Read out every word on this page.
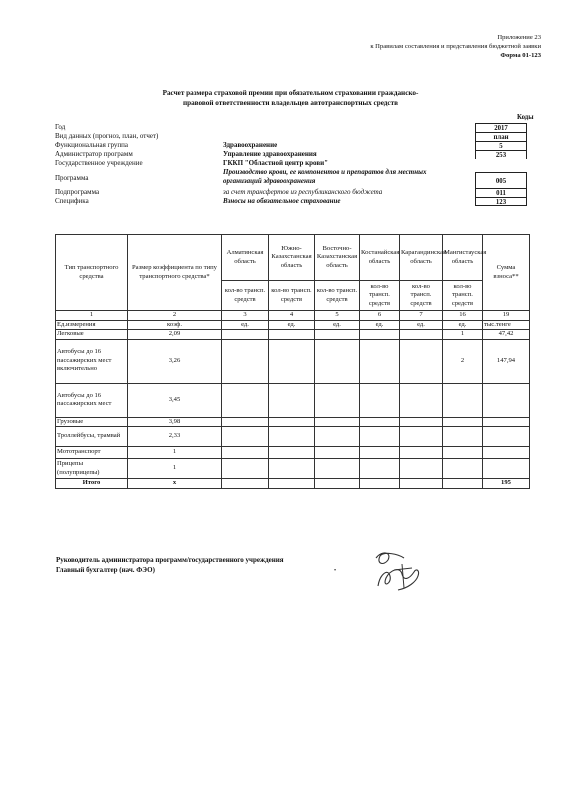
Приложение 23
к Правилам составления и представления бюджетной заявки
Форма 01-123
Расчет размера страховой премии при обязательном страховании гражданско-
правовой ответственности владельцев автотранспортных средств
Коды
Год	2017
Вид данных (прогноз, план, отчет)	план
Функциональная группа	Здравоохранение	5
Администратор программ	Управление здравоохранения	253
Государственное учреждение	ГККП "Областной центр крови"
Программа
Производство крови, ее компонентов и препаратов для местных организаций здравоохранения	005
Подпрограмма	за счет трансфертов из республиканского бюджета	011
Специфика	Взносы на обязательное страхование	123
Тип транспортного средства	Размер коэффициента по типу транспортного средства*	Алматинская область	Южно-Казахстанская область	Восточно-Казахстанская область	Костанайская область	Карагандинская область	Мангистауская область	Сумма взноса**
		кол-во трансп. средств	кол-во трансп. средств	кол-во трансп. средств	кол-во трансп. средств	кол-во трансп. средств	кол-во трансп. средств	
1	2	3	4	5	6	7	16	19
Ед.измерения	коэф.	ед.	ед.	ед.	ед.	ед.	ед.	тыс.тенге
Легковые	2,09						1	47,42
Автобусы до 16 пассажирских мест включительно	3,26						2	147,94
Автобусы до 16 пассажирских мест	3,45							
Грузовые	3,98							
Троллейбусы, трамвай	2,33							
Мототранспорт	1							
Прицепы (полуприцепы)	1							
Итого	х							195
Руководитель администратора программ/государственного учреждения
Главный бухгалтер (нач. ФЭО)	•
